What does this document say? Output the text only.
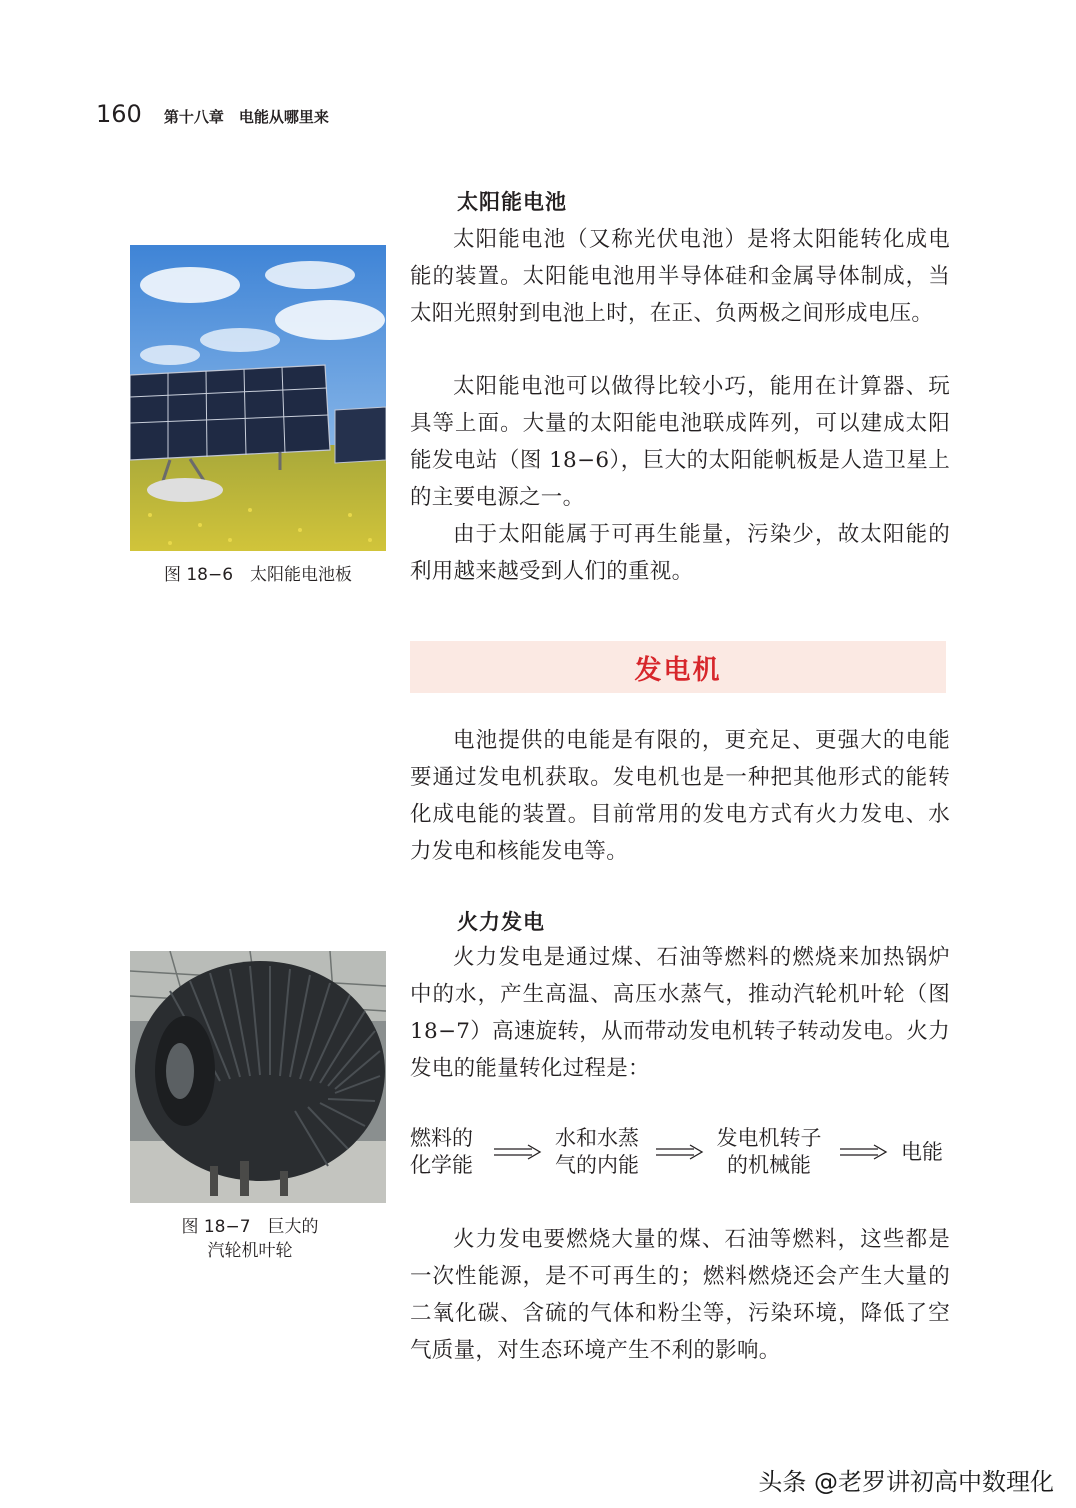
160 第十八章　电能从哪里来
太阳能电池

太阳能电池（又称光伏电池）是将太阳能转化成电能的装置。太阳能电池用半导体硅和金属导体制成，当太阳光照射到电池上时，在正、负两极之间形成电压。

太阳能电池可以做得比较小巧，能用在计算器、玩具等上面。大量的太阳能电池联成阵列，可以建成太阳能发电站（图 18−6），巨大的太阳能帆板是人造卫星上的主要电源之一。

由于太阳能属于可再生能量，污染少，故太阳能的利用越来越受到人们的重视。

图 18−6　太阳能电池板
发电机

电池提供的电能是有限的，更充足、更强大的电能要通过发电机获取。发电机也是一种把其他形式的能转化成电能的装置。目前常用的发电方式有火力发电、水力发电和核能发电等。

火力发电

火力发电是通过煤、石油等燃料的燃烧来加热锅炉中的水，产生高温、高压水蒸气，推动汽轮机叶轮（图 18−7）高速旋转，从而带动发电机转子转动发电。火力发电的能量转化过程是：

图 18−7　巨大的
汽轮机叶轮
燃料的
化学能
水和水蒸
气的内能
发电机转子
的机械能
电能

火力发电要燃烧大量的煤、石油等燃料，这些都是一次性能源，是不可再生的；燃料燃烧还会产生大量的二氧化碳、含硫的气体和粉尘等，污染环境，降低了空气质量，对生态环境产生不利的影响。

头条 @老罗讲初高中数理化
